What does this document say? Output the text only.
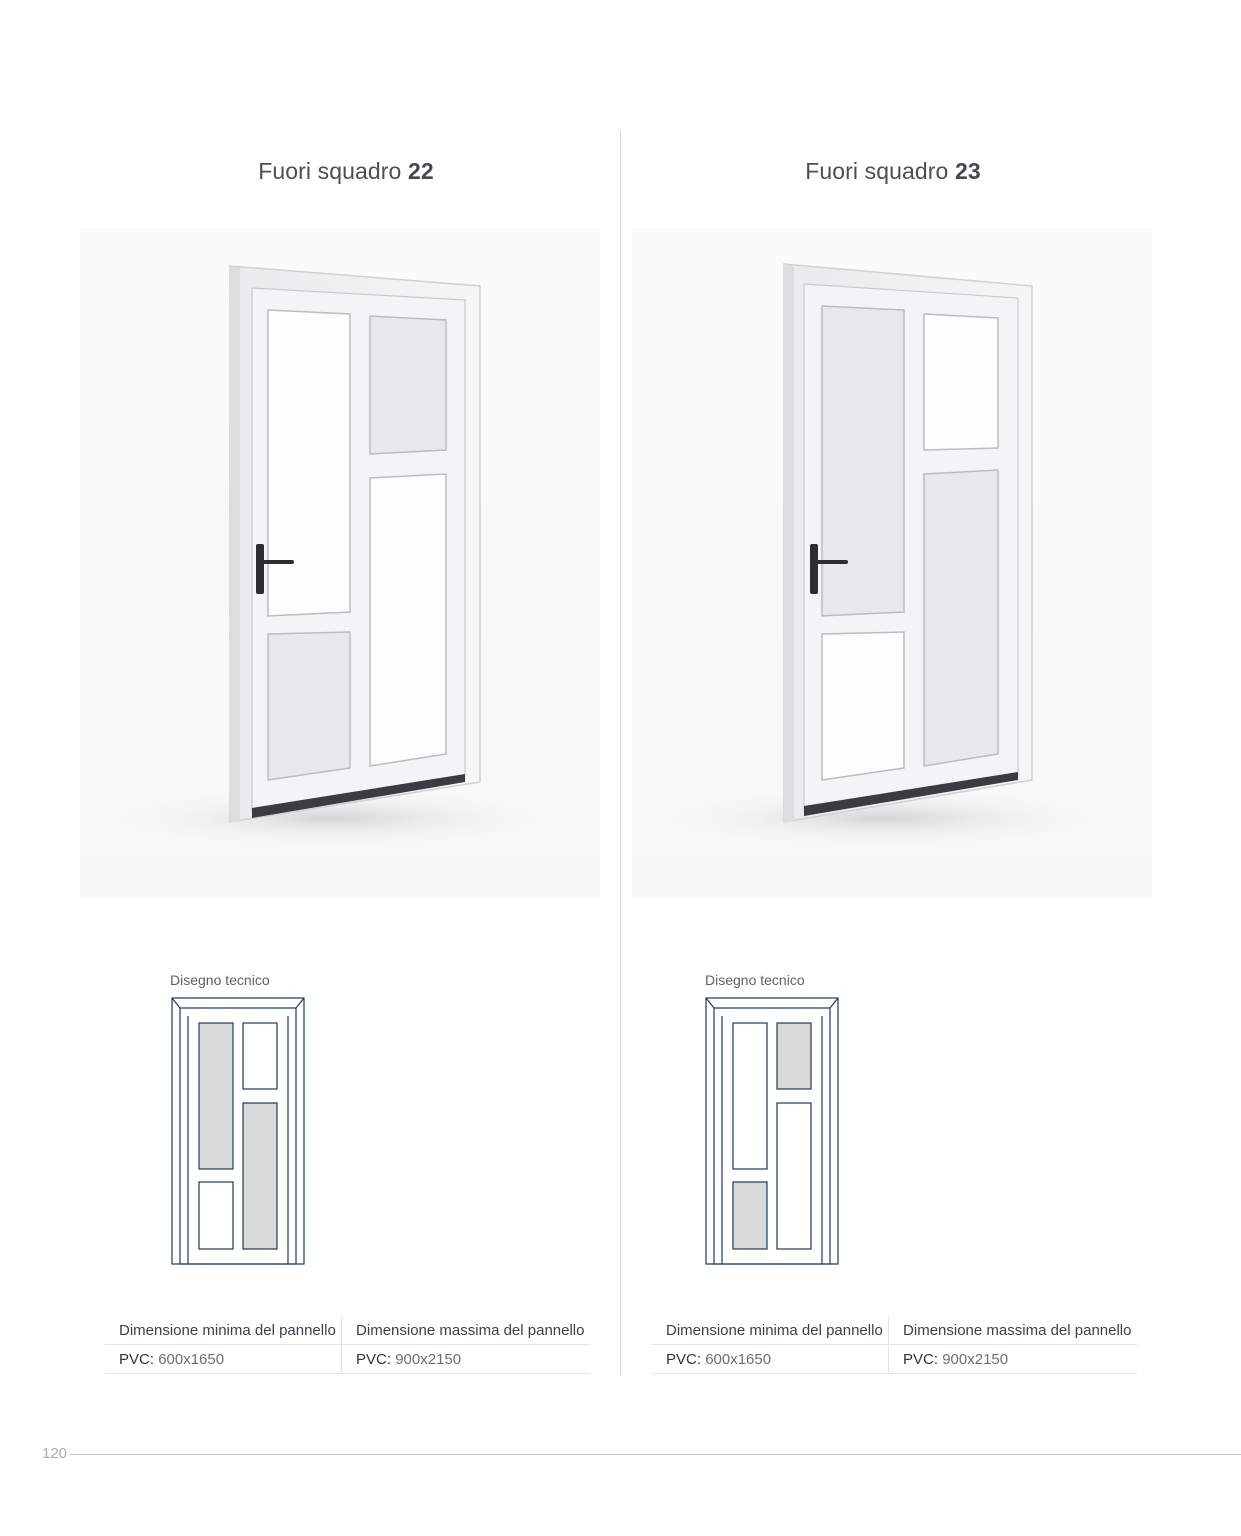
Fuori squadro 22
Disegno tecnico
Dimensione minima del pannello	Dimensione massima del pannello
PVC: 600x1650	PVC: 900x2150
Fuori squadro 23
Disegno tecnico
Dimensione minima del pannello	Dimensione massima del pannello
PVC: 600x1650	PVC: 900x2150
120
